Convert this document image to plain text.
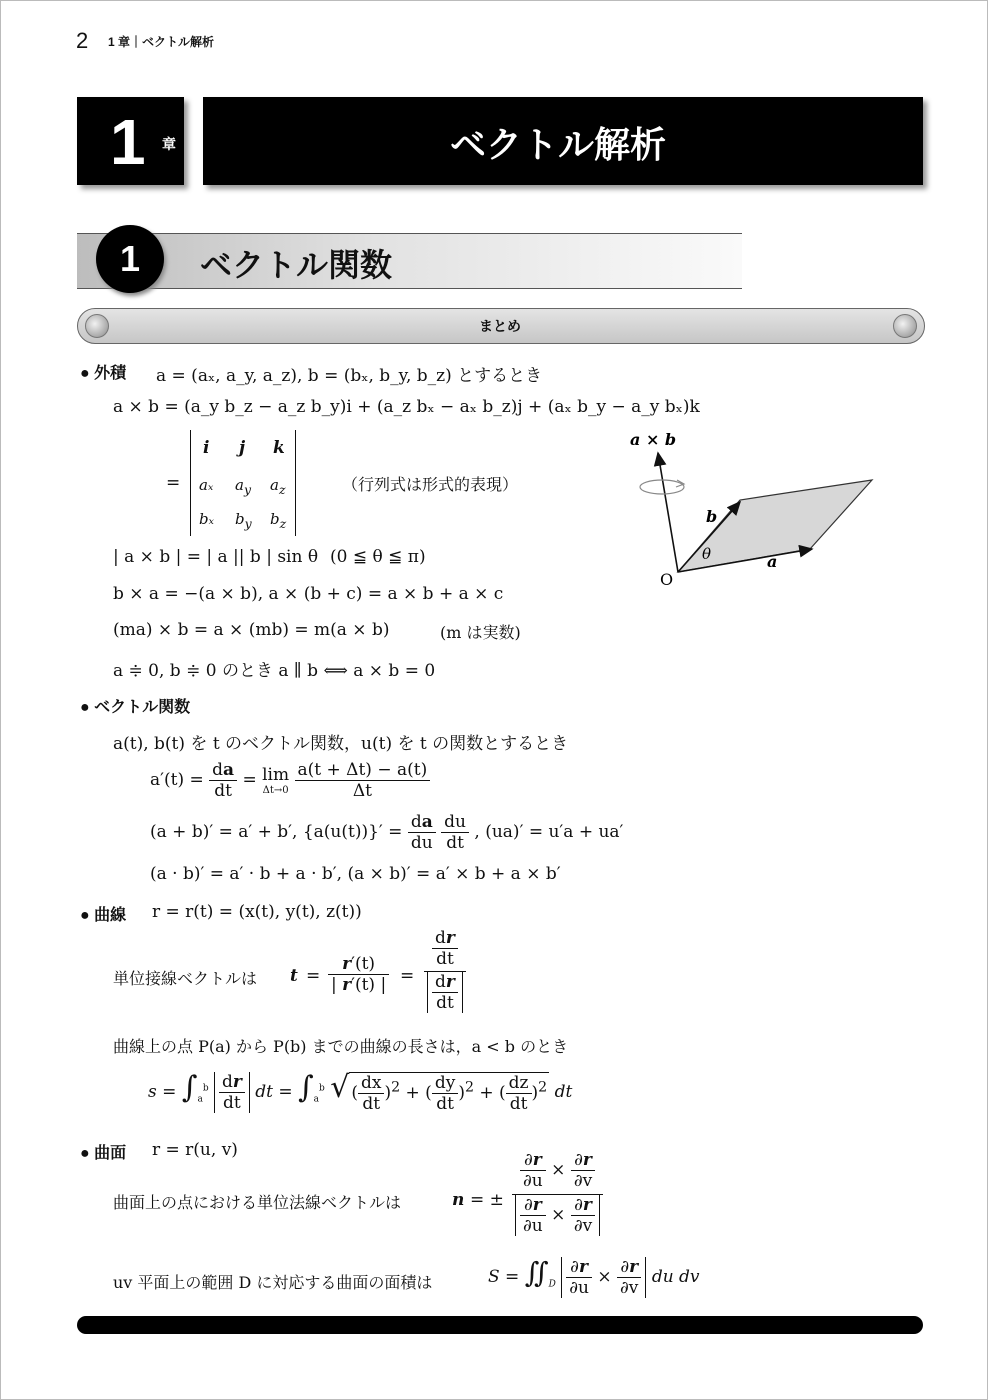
2 1 章｜ベクトル解析
1 章	ベクトル解析
1	ベクトル関数
まとめ
● 外積 a = (aₓ, a_y, a_z), b = (bₓ, b_y, b_z) とするとき
a × b = (a_y b_z − a_z b_y)i + (a_z bₓ − aₓ b_z)j + (aₓ b_y − a_y bₓ)k
=
i j k
aₓ $a_y$ $a_z$
bₓ $b_y$ $b_z$
（行列式は形式的表現）
| a × b | = | a || b | sin θ (0 ≦ θ ≦ π)
b × a = −(a × b), a × (b + c) = a × b + a × c
(ma) × b = a × (mb) = m(a × b)	(m は実数)
a ≑ 0, b ≑ 0 のとき a ∥ b ⟺ a × b = 0
a × b
b
a
θ
O
● ベクトル関数
a(t), b(t) を t のベクトル関数，u(t) を t の関数とするとき
$a'(t) = \frac{da}{dt} = \lim$
Δt→0
$\frac{a(t + \Delta t) - a(t)}{\Delta t}$
(a + b)′ = a′ + b′, $\{a(u(t))\}' = \frac{da}{du}$
$\frac{du}{dt}$ , (ua)′ = u′a + ua′
(a · b)′ = a′ · b + a · b′, (a × b)′ = a′ × b + a × b′
● 曲線 r = r(t) = (x(t), y(t), z(t))
単位接線ベクトルは $t = \frac{r'(t)}{| r'(t) |}$ =
$\frac{dr}{dt}$
$\frac{dr}{dt}$
曲線上の点 P(a) から P(b) までの曲線の長さは，a < b のとき
$s = \int_a^b \frac{dr}{dt}$ dt = $\int_a^b$ √( $\frac{dx}{dt} )^2$ + ( $\frac{dy}{dt} )^2$ + ( $\frac{dz}{dt} )^2$ dt
● 曲面 r = r(u, v)
曲面上の点における単位法線ベクトルは	n = ± $\frac{\frac{\partial r}{\partial u} \times \frac{\partial r}{\partial v}}{\frac{\partial r}{\partial u} \times \frac{\partial r}{\partial v}}$
uv 平面上の範囲 D に対応する曲面の面積は	$S = ∬_D \frac{\partial r}{\partial u} \times \frac{\partial r}{\partial v}$ du dv
